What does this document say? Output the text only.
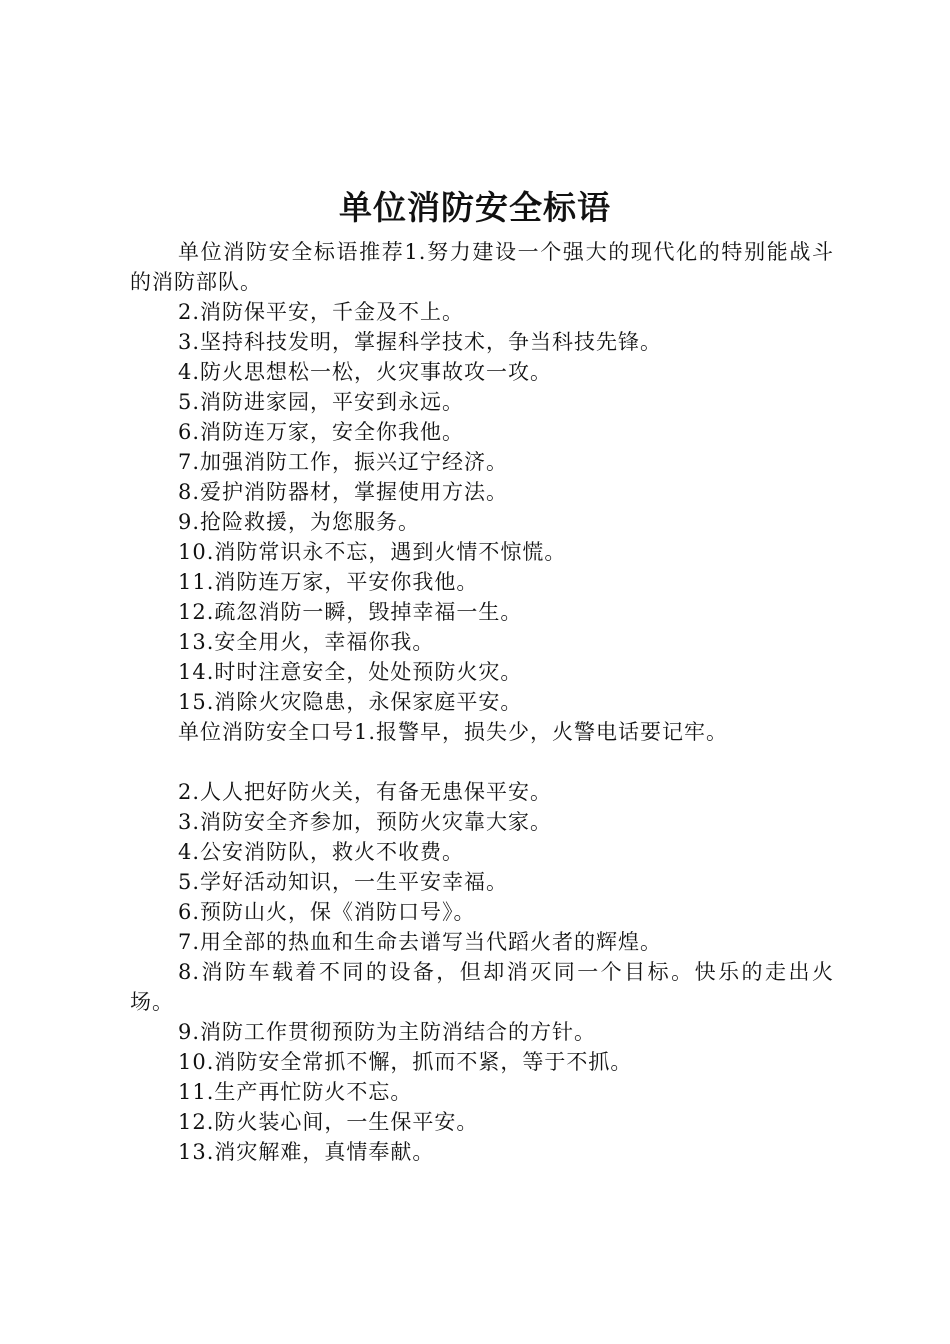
单位消防安全标语

单位消防安全标语推荐1.努力建设一个强大的现代化的特别能战斗的消防部队。

2.消防保平安，千金及不上。

3.坚持科技发明，掌握科学技术，争当科技先锋。

4.防火思想松一松，火灾事故攻一攻。

5.消防进家园，平安到永远。

6.消防连万家，安全你我他。

7.加强消防工作，振兴辽宁经济。

8.爱护消防器材，掌握使用方法。

9.抢险救援，为您服务。

10.消防常识永不忘，遇到火情不惊慌。

11.消防连万家，平安你我他。

12.疏忽消防一瞬，毁掉幸福一生。

13.安全用火，幸福你我。

14.时时注意安全，处处预防火灾。

15.消除火灾隐患，永保家庭平安。

单位消防安全口号1.报警早，损失少，火警电话要记牢。

2.人人把好防火关，有备无患保平安。

3.消防安全齐参加，预防火灾靠大家。

4.公安消防队，救火不收费。

5.学好活动知识，一生平安幸福。

6.预防山火，保《消防口号》。

7.用全部的热血和生命去谱写当代蹈火者的辉煌。

8.消防车载着不同的设备，但却消灭同一个目标。快乐的走出火场。

9.消防工作贯彻预防为主防消结合的方针。

10.消防安全常抓不懈，抓而不紧，等于不抓。

11.生产再忙防火不忘。

12.防火装心间，一生保平安。

13.消灾解难，真情奉献。
